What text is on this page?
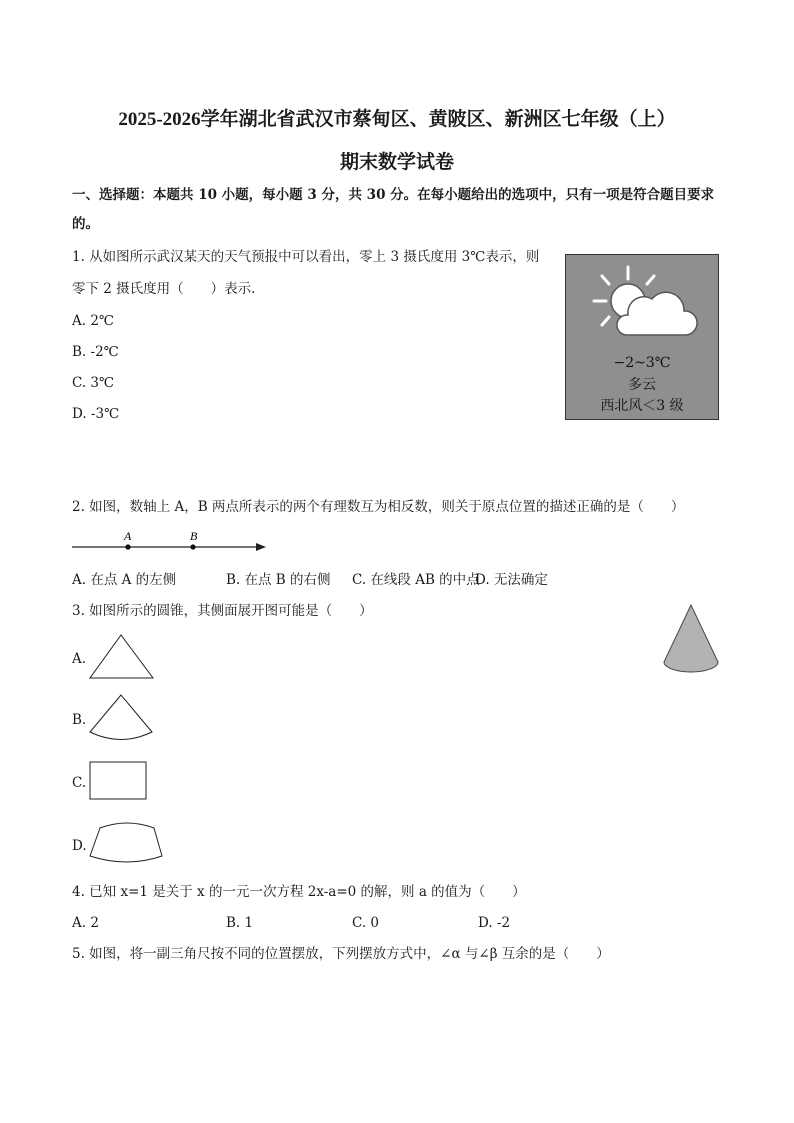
2025-2026学年湖北省武汉市蔡甸区、黄陂区、新洲区七年级（上）
期末数学试卷
一、选择题：本题共 10 小题，每小题 3 分，共 30 分。在每小题给出的选项中，只有一项是符合题目要求
的。
1. 从如图所示武汉某天的天气预报中可以看出，零上 3 摄氏度用 3℃表示，则
零下 2 摄氏度用（　　）表示.
A. 2℃
B. -2℃
C. 3℃
D. -3℃
−2~3℃
多云
西北风＜3 级
2. 如图，数轴上 A，B 两点所表示的两个有理数互为相反数，则关于原点位置的描述正确的是（　　）
A	B
A. 在点 A 的左侧	B. 在点 B 的右侧 C. 在线段 AB 的中点
D. 无法确定
3. 如图所示的圆锥，其侧面展开图可能是（　　）
A.
B.
C.
D.
4. 已知 x=1 是关于 x 的一元一次方程 2x-a=0 的解，则 a 的值为（　　）
A. 2	B. 1	C. 0	D. -2
5. 如图，将一副三角尺按不同的位置摆放，下列摆放方式中，∠α 与∠β 互余的是（　　）
